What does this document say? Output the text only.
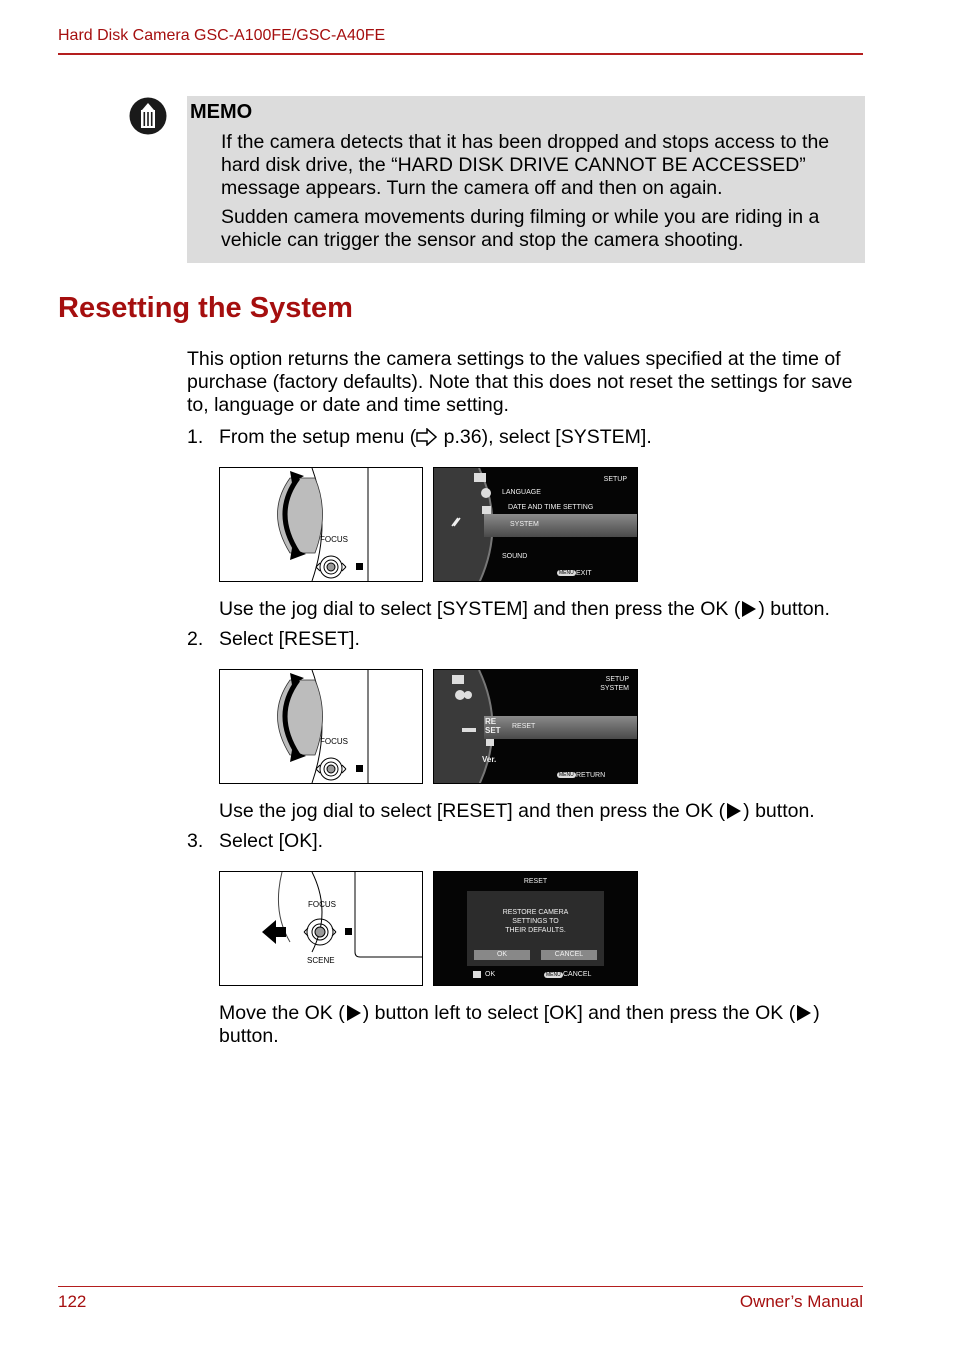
Hard Disk Camera GSC-A100FE/GSC-A40FE
MEMO
If the camera detects that it has been dropped and stops access to the hard disk drive, the “HARD DISK DRIVE CANNOT BE ACCESSED” message appears. Turn the camera off and then on again.
Sudden camera movements during filming or while you are riding in a vehicle can trigger the sensor and stop the camera shooting.
Resetting the System
This option returns the camera settings to the values specified at the time of purchase (factory defaults). Note that this does not reset the settings for save to, language or date and time setting.
1. From the setup menu ( p.36), select [SYSTEM].
FOCUS
SETUP
LANGUAGE
DATE AND TIME SETTING
SYSTEM
SOUND
MENU EXIT
Use the jog dial to select [SYSTEM] and then press the OK ( ) button.
2. Select [RESET].
FOCUS
SETUP
SYSTEM
RE SET RESET
Ver.
MENU RETURN
Use the jog dial to select [RESET] and then press the OK ( ) button.
3. Select [OK].
FOCUS
SCENE
RESET
RESTORE CAMERA
SETTINGS TO
THEIR DEFAULTS.
OK	CANCEL
OK	MENU CANCEL
Move the OK ( ) button left to select [OK] and then press the OK ( )
button.
122	Owner’s Manual
